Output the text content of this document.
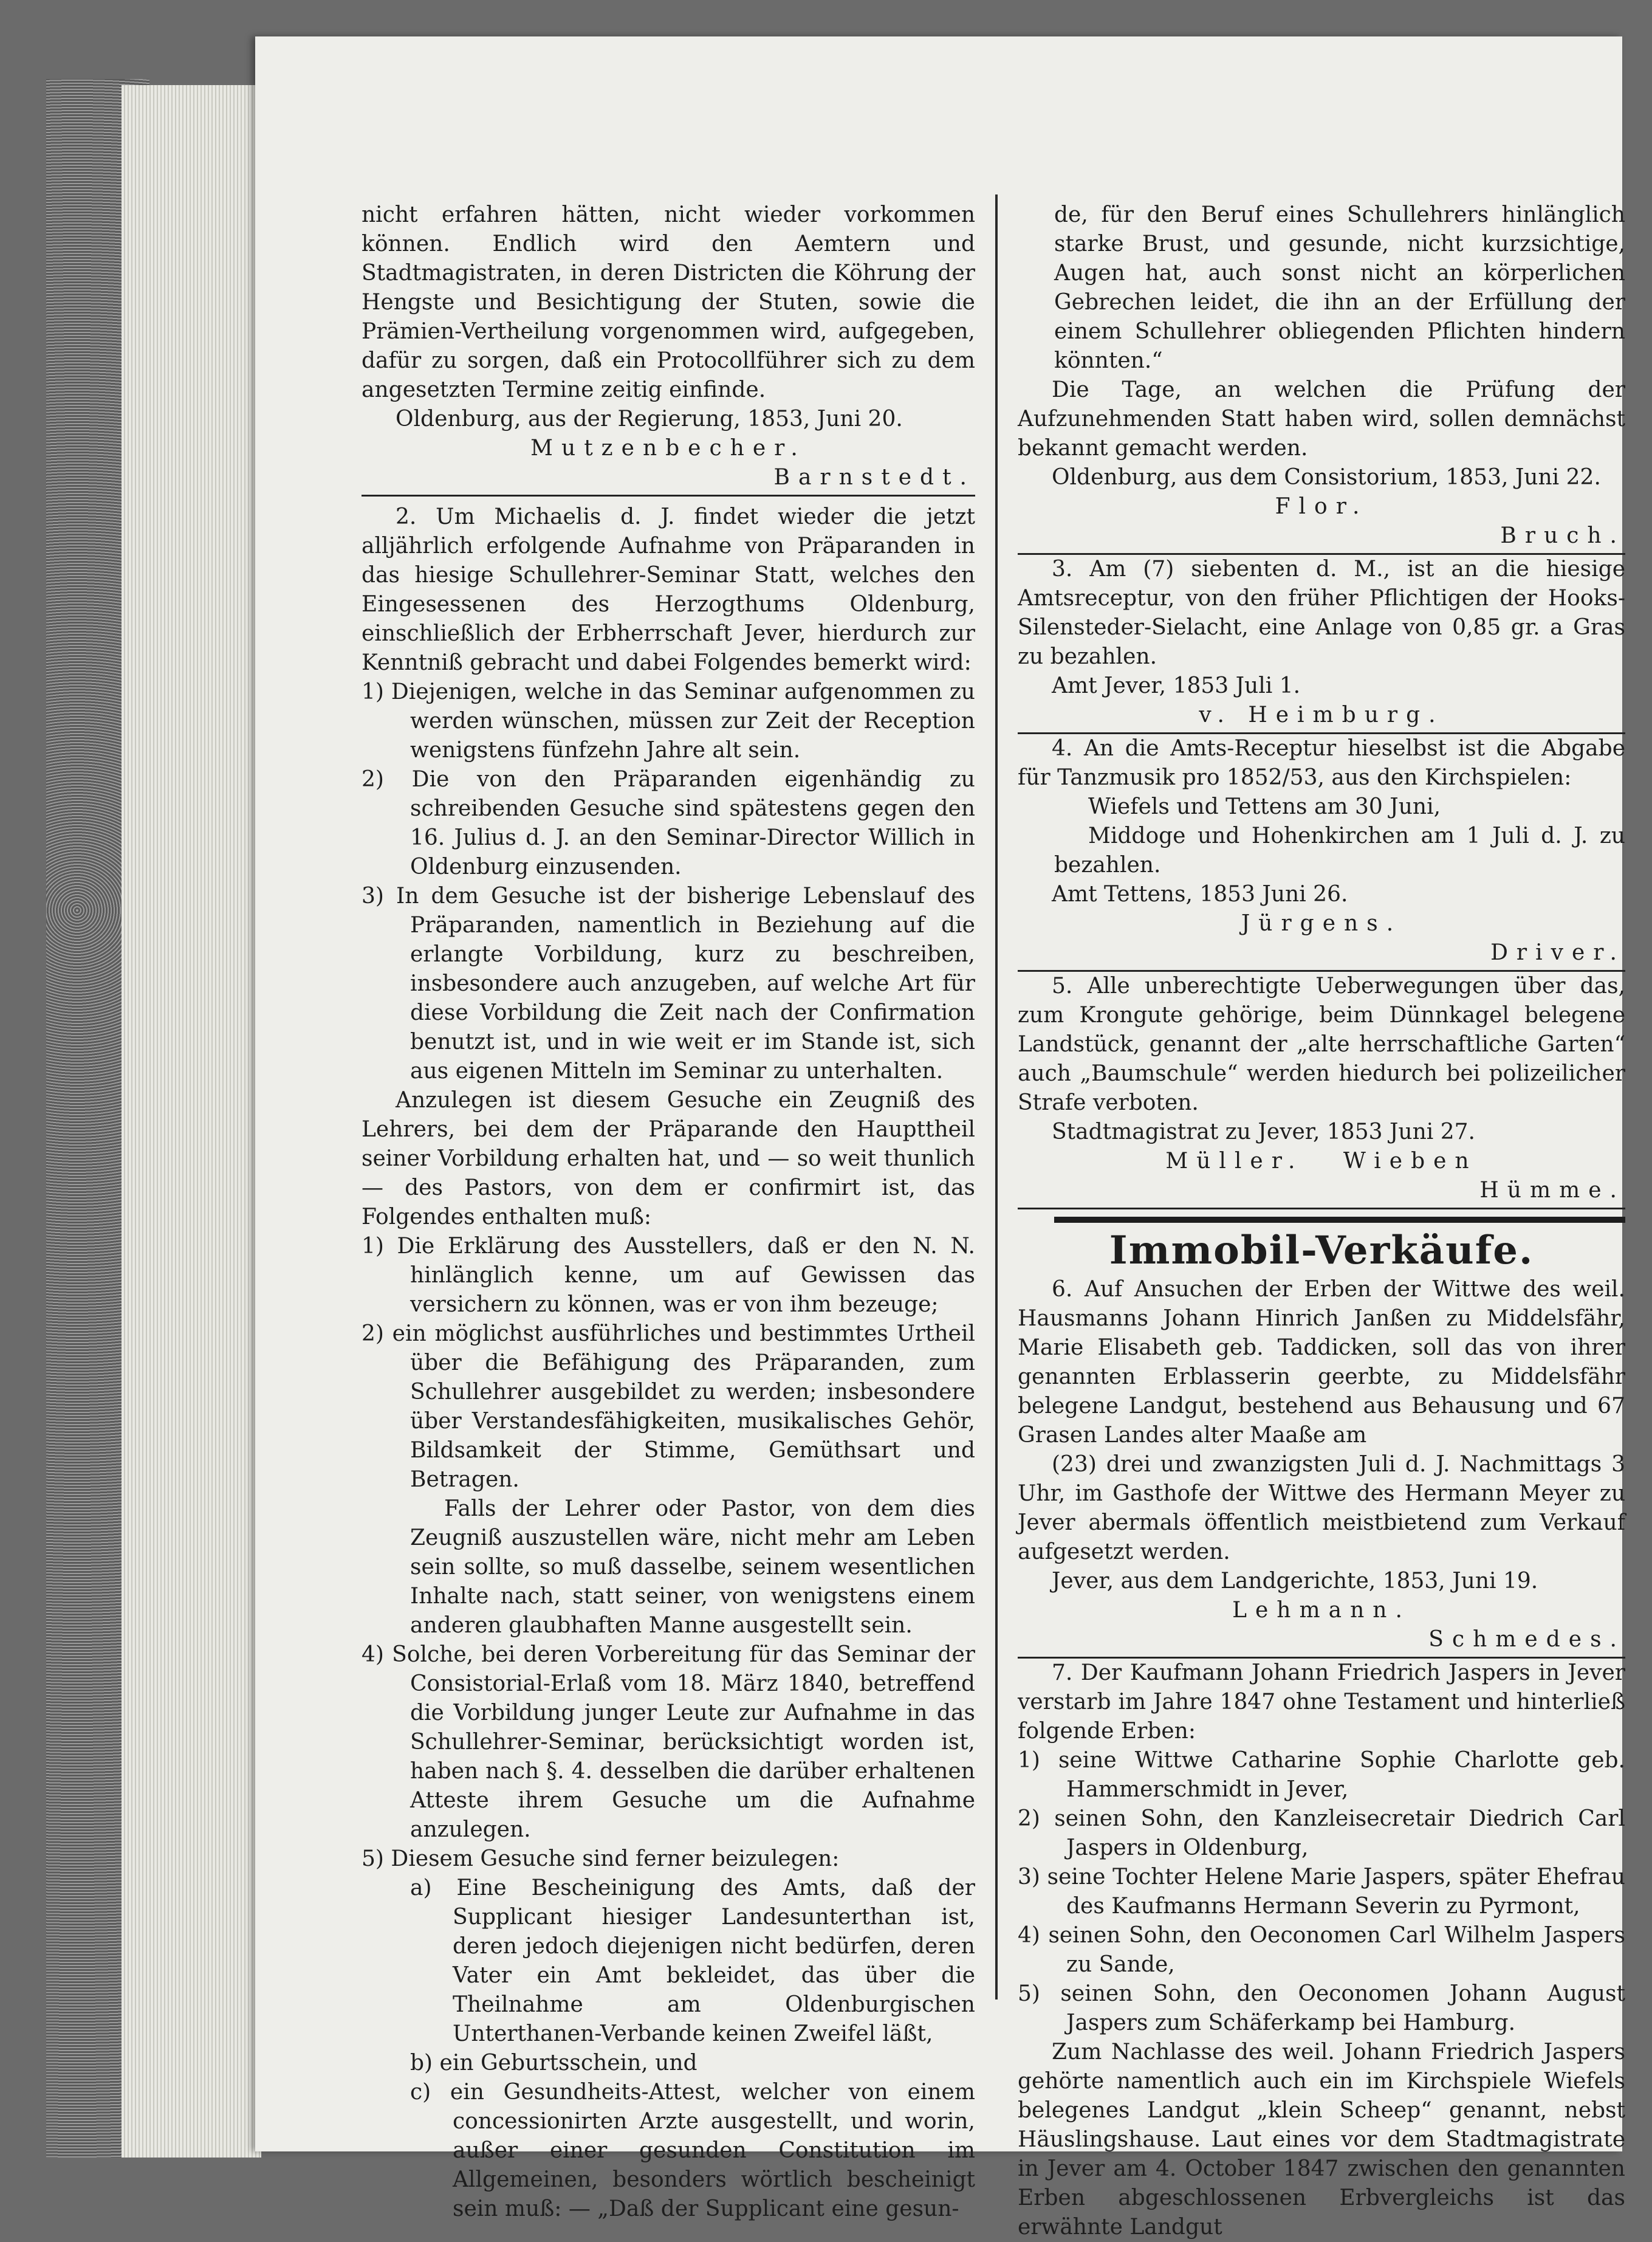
nicht erfahren hätten, nicht wieder vorkommen können. Endlich wird den Aemtern und Stadtmagistraten, in deren Districten die Köhrung der Hengste und Besichtigung der Stuten, sowie die Prämien-Vertheilung vorgenommen wird, aufgegeben, dafür zu sorgen, daß ein Protocollführer sich zu dem angesetzten Termine zeitig einfinde.

Oldenburg, aus der Regierung, 1853, Juni 20.

Mutzenbecher.

Barnstedt.

2. Um Michaelis d. J. findet wieder die jetzt alljährlich erfolgende Aufnahme von Präparanden in das hiesige Schullehrer-Seminar Statt, welches den Eingesessenen des Herzogthums Oldenburg, einschließlich der Erbherrschaft Jever, hierdurch zur Kenntniß gebracht und dabei Folgendes bemerkt wird:

1) Diejenigen, welche in das Seminar aufgenommen zu werden wünschen, müssen zur Zeit der Reception wenigstens fünfzehn Jahre alt sein.

2) Die von den Präparanden eigenhändig zu schreibenden Gesuche sind spätestens gegen den 16. Julius d. J. an den Seminar-Director Willich in Oldenburg einzusenden.

3) In dem Gesuche ist der bisherige Lebenslauf des Präparanden, namentlich in Beziehung auf die erlangte Vorbildung, kurz zu beschreiben, insbesondere auch anzugeben, auf welche Art für diese Vorbildung die Zeit nach der Confirmation benutzt ist, und in wie weit er im Stande ist, sich aus eigenen Mitteln im Seminar zu unterhalten.

Anzulegen ist diesem Gesuche ein Zeugniß des Lehrers, bei dem der Präparande den Haupttheil seiner Vorbildung erhalten hat, und — so weit thunlich — des Pastors, von dem er confirmirt ist, das Folgendes enthalten muß:

1) Die Erklärung des Ausstellers, daß er den N. N. hinlänglich kenne, um auf Gewissen das versichern zu können, was er von ihm bezeuge;

2) ein möglichst ausführliches und bestimmtes Urtheil über die Befähigung des Präparanden, zum Schullehrer ausgebildet zu werden; insbesondere über Verstandesfähigkeiten, musikalisches Gehör, Bildsamkeit der Stimme, Gemüthsart und Betragen.

Falls der Lehrer oder Pastor, von dem dies Zeugniß auszustellen wäre, nicht mehr am Leben sein sollte, so muß dasselbe, seinem wesentlichen Inhalte nach, statt seiner, von wenigstens einem anderen glaubhaften Manne ausgestellt sein.

4) Solche, bei deren Vorbereitung für das Seminar der Consistorial-Erlaß vom 18. März 1840, betreffend die Vorbildung junger Leute zur Aufnahme in das Schullehrer-Seminar, berücksichtigt worden ist, haben nach §. 4. desselben die darüber erhaltenen Atteste ihrem Gesuche um die Aufnahme anzulegen.

5) Diesem Gesuche sind ferner beizulegen:

a) Eine Bescheinigung des Amts, daß der Supplicant hiesiger Landesunterthan ist, deren jedoch diejenigen nicht bedürfen, deren Vater ein Amt bekleidet, das über die Theilnahme am Oldenburgischen Unterthanen-Verbande keinen Zweifel läßt,

b) ein Geburtsschein, und

c) ein Gesundheits-Attest, welcher von einem concessionirten Arzte ausgestellt, und worin, außer einer gesunden Constitution im Allgemeinen, besonders wörtlich bescheinigt sein muß: — „Daß der Supplicant eine gesun-

de, für den Beruf eines Schullehrers hinlänglich starke Brust, und gesunde, nicht kurzsichtige, Augen hat, auch sonst nicht an körperlichen Gebrechen leidet, die ihn an der Erfüllung der einem Schullehrer obliegenden Pflichten hindern könnten.“

Die Tage, an welchen die Prüfung der Aufzunehmenden Statt haben wird, sollen demnächst bekannt gemacht werden.

Oldenburg, aus dem Consistorium, 1853, Juni 22.

Flor.

Bruch.

3. Am (7) siebenten d. M., ist an die hiesige Amtsreceptur, von den früher Pflichtigen der Hooks-Silensteder-Sielacht, eine Anlage von 0,85 gr. a Gras zu bezahlen.

Amt Jever, 1853 Juli 1.

v. Heimburg.

4. An die Amts-Receptur hieselbst ist die Abgabe für Tanzmusik pro 1852/53, aus den Kirchspielen:

Wiefels und Tettens am 30 Juni,

Middoge und Hohenkirchen am 1 Juli d. J. zu bezahlen.

Amt Tettens, 1853 Juni 26.

Jürgens.

Driver.

5. Alle unberechtigte Ueberwegungen über das, zum Krongute gehörige, beim Dünnkagel belegene Landstück, genannt der „alte herrschaftliche Garten“ auch „Baumschule“ werden hiedurch bei polizeilicher Strafe verboten.

Stadtmagistrat zu Jever, 1853 Juni 27.

Müller. Wieben

Hümme.

Immobil-Verkäufe.

6. Auf Ansuchen der Erben der Wittwe des weil. Hausmanns Johann Hinrich Janßen zu Middelsfähr, Marie Elisabeth geb. Taddicken, soll das von ihrer genannten Erblasserin geerbte, zu Middelsfähr belegene Landgut, bestehend aus Behausung und 67 Grasen Landes alter Maaße am

(23) drei und zwanzigsten Juli d. J. Nachmittags 3 Uhr, im Gasthofe der Wittwe des Hermann Meyer zu Jever abermals öffentlich meistbietend zum Verkauf aufgesetzt werden.

Jever, aus dem Landgerichte, 1853, Juni 19.

Lehmann.

Schmedes.

7. Der Kaufmann Johann Friedrich Jaspers in Jever verstarb im Jahre 1847 ohne Testament und hinterließ folgende Erben:

1) seine Wittwe Catharine Sophie Charlotte geb. Hammerschmidt in Jever,

2) seinen Sohn, den Kanzleisecretair Diedrich Carl Jaspers in Oldenburg,

3) seine Tochter Helene Marie Jaspers, später Ehefrau des Kaufmanns Hermann Severin zu Pyrmont,

4) seinen Sohn, den Oeconomen Carl Wilhelm Jaspers zu Sande,

5) seinen Sohn, den Oeconomen Johann August Jaspers zum Schäferkamp bei Hamburg.

Zum Nachlasse des weil. Johann Friedrich Jaspers gehörte namentlich auch ein im Kirchspiele Wiefels belegenes Landgut „klein Scheep“ genannt, nebst Häuslingshause. Laut eines vor dem Stadtmagistrate in Jever am 4. October 1847 zwischen den genannten Erben abgeschlossenen Erbvergleichs ist das erwähnte Landgut
